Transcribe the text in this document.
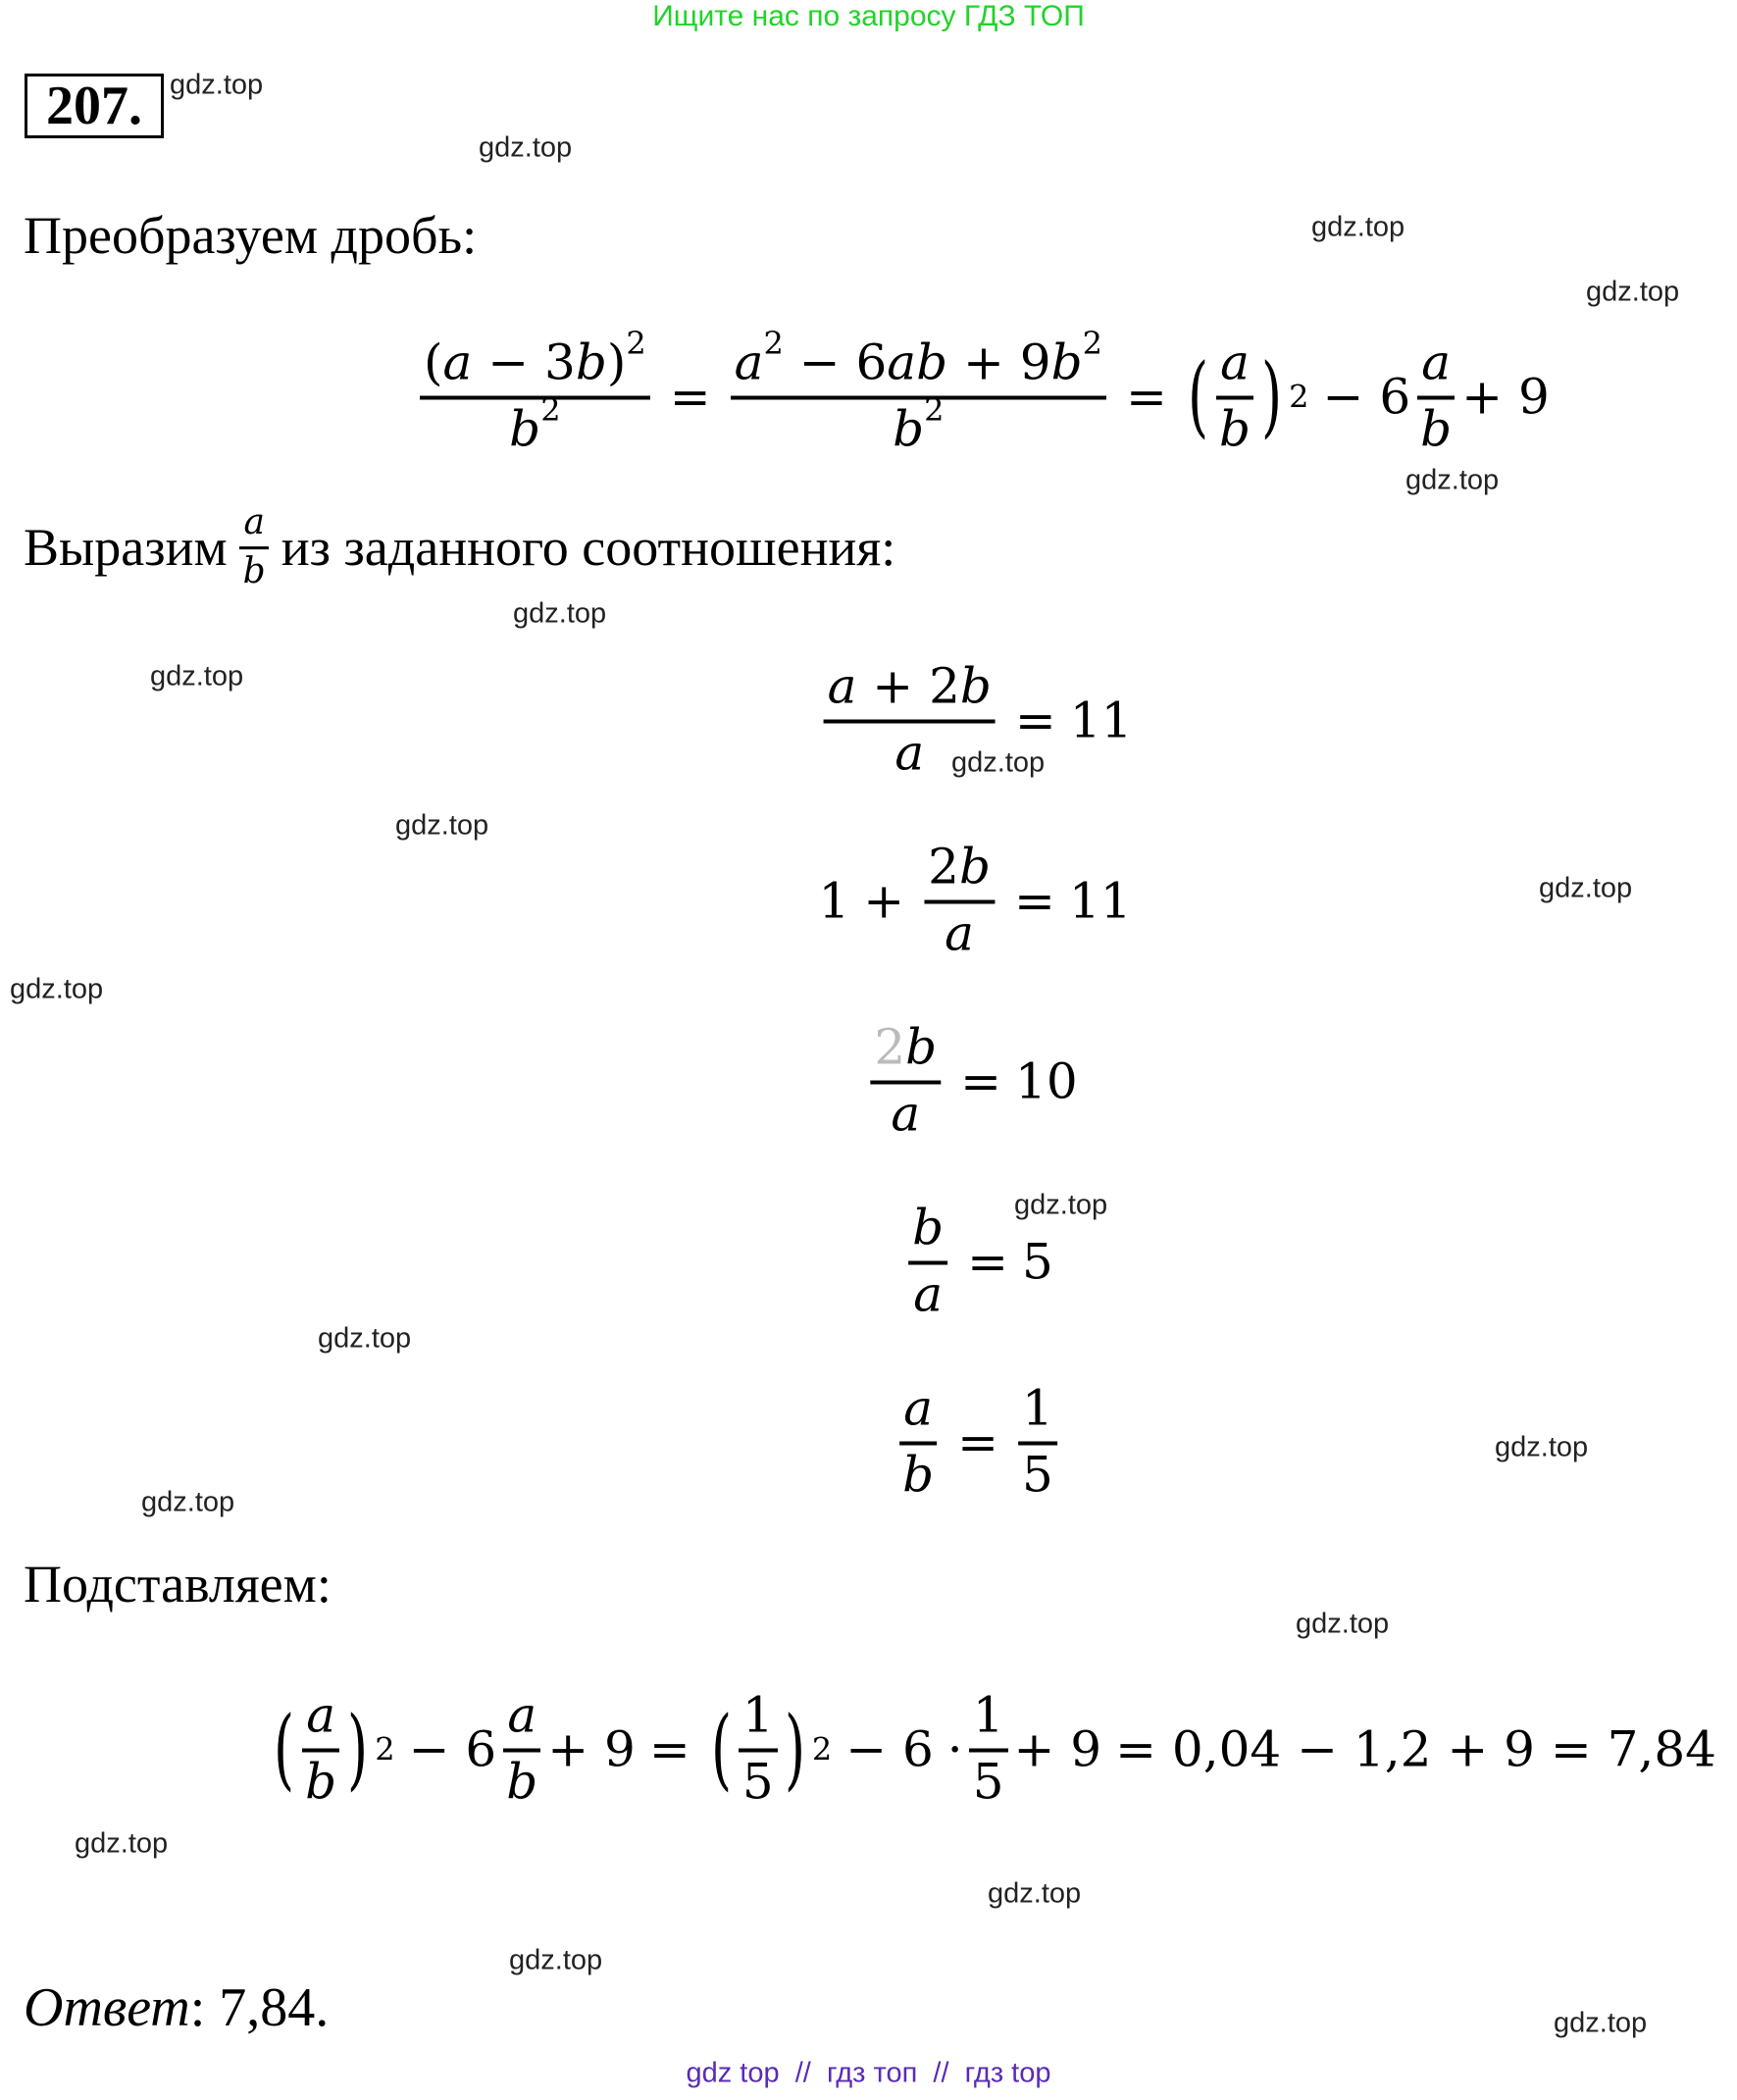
Ищите нас по запросу ГДЗ ТОП
207. gdz.top
gdz.top
gdz.top
gdz.top
gdz.top
gdz.top
gdz.top
gdz.top
gdz.top
gdz.top
gdz.top
gdz.top
gdz.top
gdz.top
gdz.top
gdz.top
gdz.top
gdz.top
gdz.top
gdz.top
Преобразуем дробь:
$\frac{(a - 3b)^2}{b^2} = \frac{a^2 - 6ab + 9b^2}{b^2}$ = ( $\frac{a}{b}$ ) $2 - 6 \frac{a}{b} + 9$
Выразим $\frac{a}{b}$ из заданного соотношения:
$\frac{a + 2b}{a} = 11$
$1 + \frac{2b}{a} = 11$
$\frac{2b}{a} = 10$
$\frac{b}{a} = 5$
$\frac{a}{b} = \frac{1}{5}$
Подставляем:
( $\frac{a}{b}$ ) $2 - 6 \frac{a}{b} + 9$ = ( $\frac{1}{5}$ ) $2 - 6 \cdot \frac{1}{5} + 9 = 0,04 - 1,2 + 9 = 7,84$
Ответ: 7,84.
gdz top  //  гдз топ  //  гдз top
